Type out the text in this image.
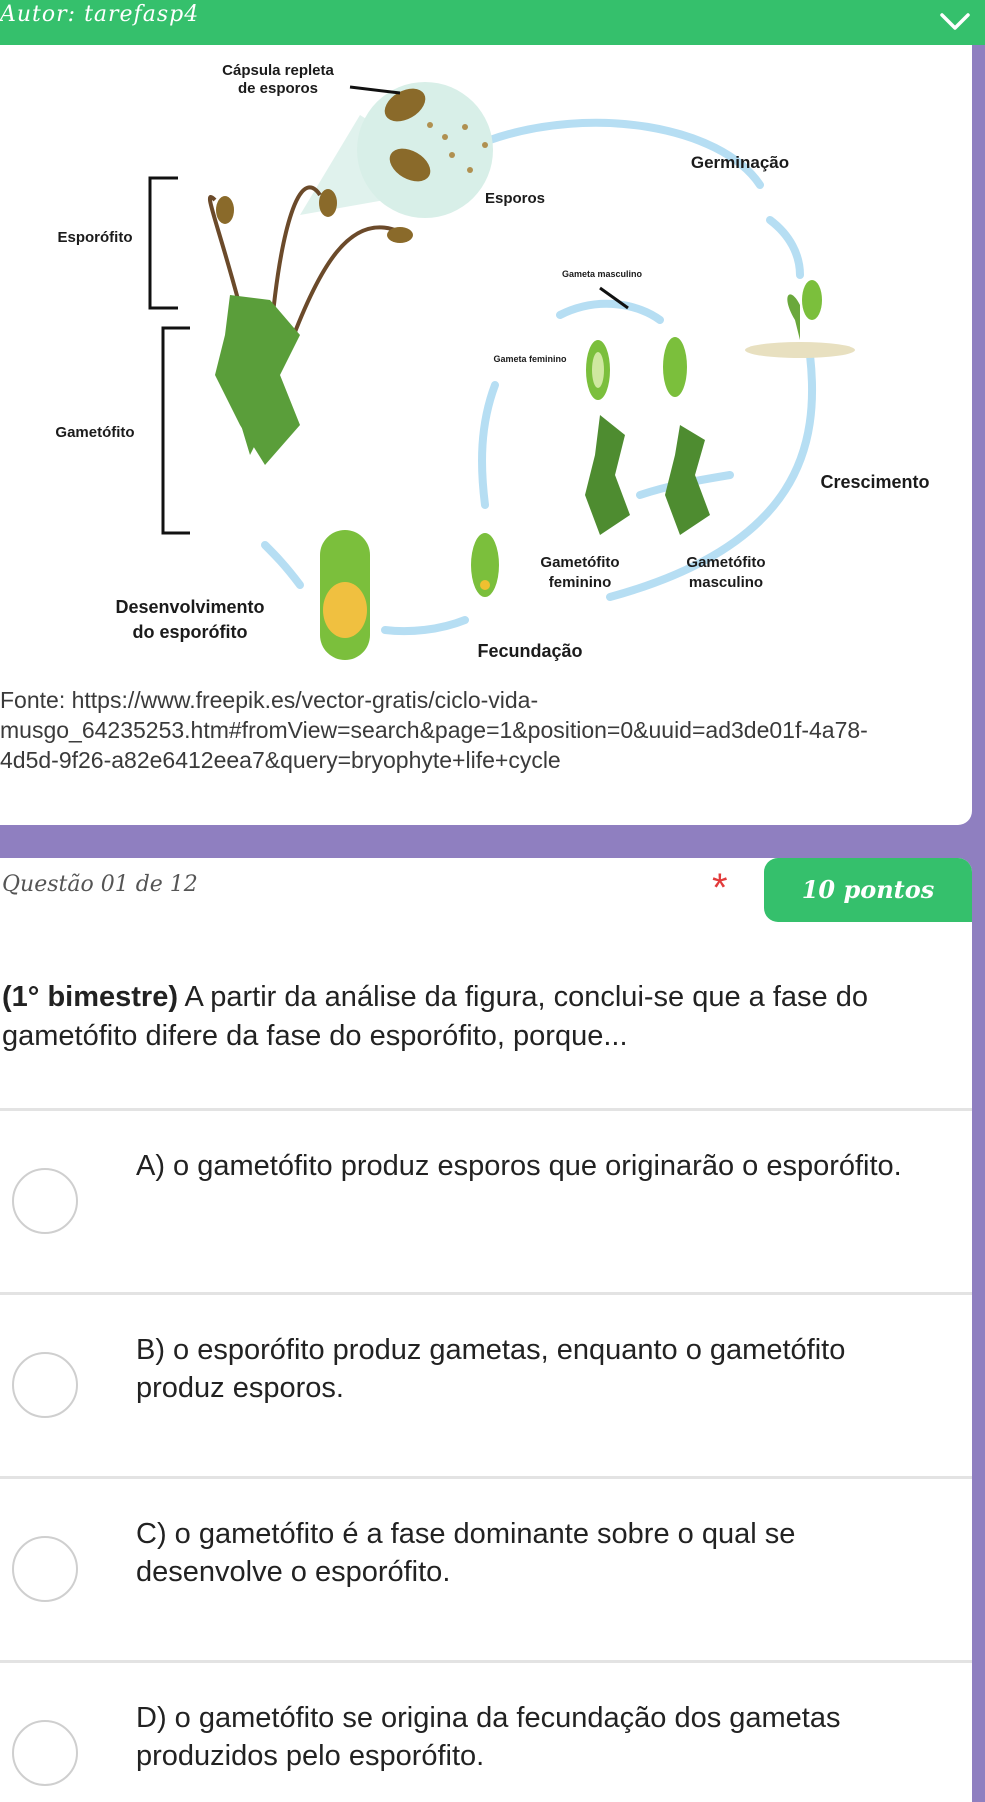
Autor: tarefasp4
Cápsula repleta
de esporos
Esporos
Germinação
Esporófito
Gametófito
Gameta masculino
Gameta feminino
Crescimento
Gametófito
feminino
Gametófito
masculino
Desenvolvimento
do esporófito
Fecundação
Fonte: https://www.freepik.es/vector-gratis/ciclo-vida-
musgo_64235253.htm#fromView=search&page=1&position=0&uuid=ad3de01f-4a78-
4d5d-9f26-a82e6412eea7&query=bryophyte+life+cycle
Questão 01 de 12	*	10 pontos
(1° bimestre) A partir da análise da figura, conclui-se que a fase do gametófito difere da fase do esporófito, porque...
A) o gametófito produz esporos que originarão o esporófito.
B) o esporófito produz gametas, enquanto o gametófito produz esporos.
C) o gametófito é a fase dominante sobre o qual se desenvolve o esporófito.
D) o gametófito se origina da fecundação dos gametas produzidos pelo esporófito.
